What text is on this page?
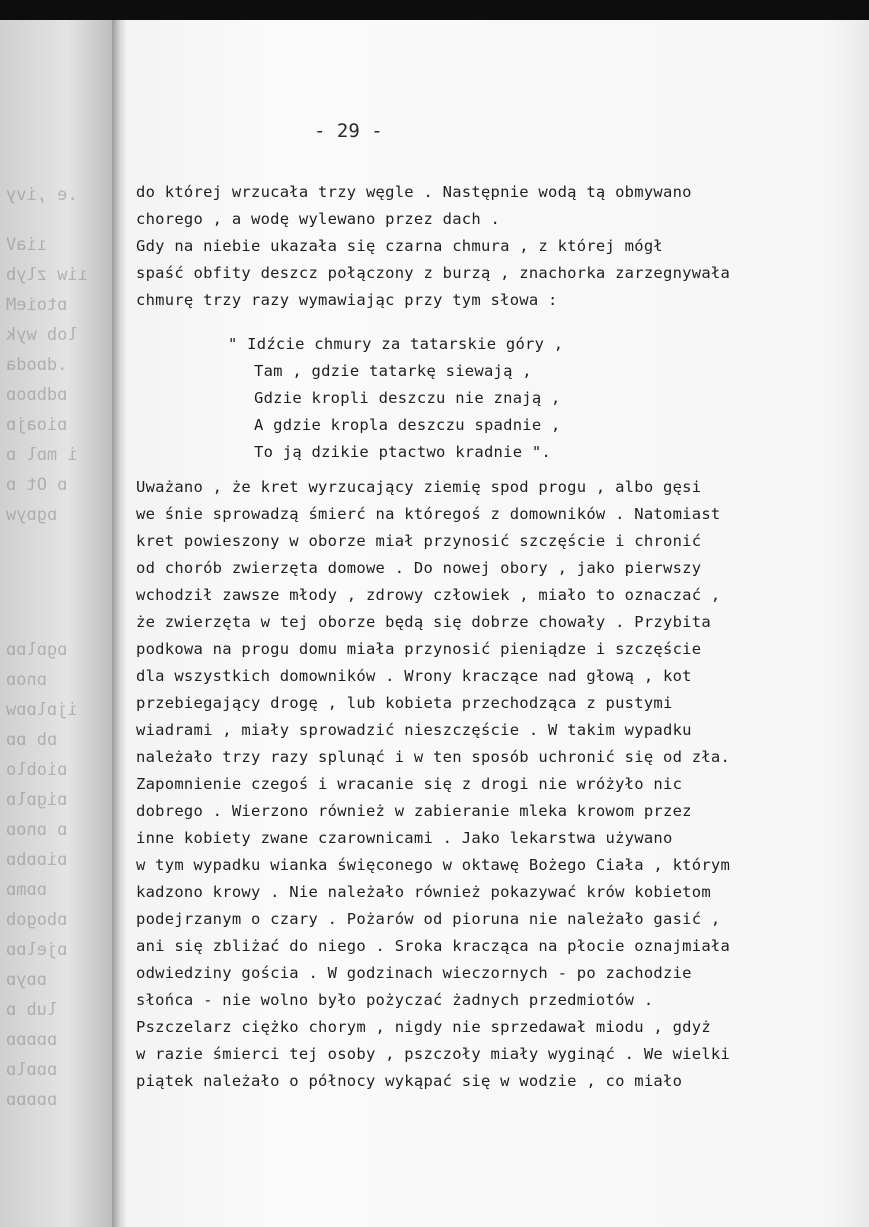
.e ,ivy
ıiaV
ıiw zlyb
ɒtoieM
lob wyk
.dɒoda
ɒdbɒoɒ
ɒioajɒ
i mɒl ɒ
ɒ Ot ɒ
ɒgɒyw
ɒgɒlɒɒ
ɒnoɒ
ijɒlɒɒw
ɒb ɒɒ
ɒioblo
ɒigɒlɒ
ɒ ɒnoɒ
ɒiɒɒbɒ
ɒɒmɒ
ɒbogob
ɒjelɒɒ
ɒɒyɒ
lub ɒ
ɒɒɒɒɒ
ɒɒɒlɒ
ɒɒɒɒɒ
- 29 -
do której wrzucała trzy węgle . Następnie wodą tą obmywano
chorego , a wodę wylewano przez dach .
Gdy na niebie ukazała się czarna chmura , z której mógł
spaść obfity deszcz połączony z burzą , znachorka zarzegnywała
chmurę trzy razy wymawiając przy tym słowa :
" Idźcie chmury za tatarskie góry ,
Tam , gdzie tatarkę siewają ,
Gdzie kropli deszczu nie znają ,
A gdzie kropla deszczu spadnie ,
To ją dzikie ptactwo kradnie ".
Uważano , że kret wyrzucający ziemię spod progu , albo gęsi
we śnie sprowadzą śmierć na któregoś z domowników . Natomiast
kret powieszony w oborze miał przynosić szczęście i chronić
od chorób zwierzęta domowe . Do nowej obory , jako pierwszy
wchodził zawsze młody , zdrowy człowiek , miało to oznaczać ,
że zwierzęta w tej oborze będą się dobrze chowały . Przybita
podkowa na progu domu miała przynosić pieniądze i szczęście
dla wszystkich domowników . Wrony kraczące nad głową , kot
przebiegający drogę , lub kobieta przechodząca z pustymi
wiadrami , miały sprowadzić nieszczęście . W takim wypadku
należało trzy razy splunąć i w ten sposób uchronić się od zła.
Zapomnienie czegoś i wracanie się z drogi nie wróżyło nic
dobrego . Wierzono również w zabieranie mleka krowom przez
inne kobiety zwane czarownicami . Jako lekarstwa używano
w tym wypadku wianka święconego w oktawę Bożego Ciała , którym
kadzono krowy . Nie należało również pokazywać krów kobietom
podejrzanym o czary . Pożarów od pioruna nie należało gasić ,
ani się zbliżać do niego . Sroka kracząca na płocie oznajmiała
odwiedziny gościa . W godzinach wieczornych - po zachodzie
słońca - nie wolno było pożyczać żadnych przedmiotów .
Pszczelarz ciężko chorym , nigdy nie sprzedawał miodu , gdyż
w razie śmierci tej osoby , pszczoły miały wyginąć . We wielki
piątek należało o północy wykąpać się w wodzie , co miało
